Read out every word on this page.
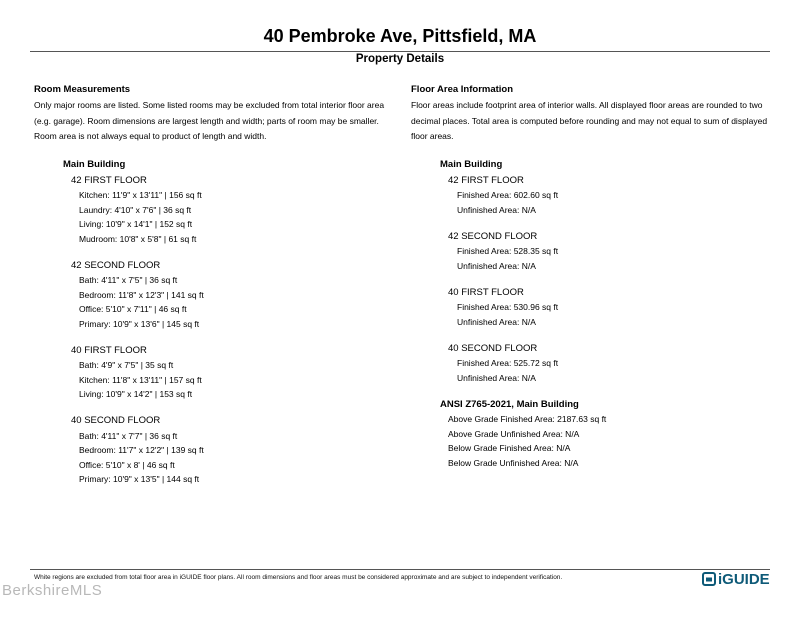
40 Pembroke Ave, Pittsfield, MA
Property Details
Room Measurements
Only major rooms are listed. Some listed rooms may be excluded from total interior floor area
(e.g. garage). Room dimensions are largest length and width; parts of room may be smaller.
Room area is not always equal to product of length and width.
Main Building
42 FIRST FLOOR
Kitchen: 11'9" x 13'11" | 156 sq ft
Laundry: 4'10" x 7'6" | 36 sq ft
Living: 10'9" x 14'1" | 152 sq ft
Mudroom: 10'8" x 5'8" | 61 sq ft
42 SECOND FLOOR
Bath: 4'11" x 7'5" | 36 sq ft
Bedroom: 11'8" x 12'3" | 141 sq ft
Office: 5'10" x 7'11" | 46 sq ft
Primary: 10'9" x 13'6" | 145 sq ft
40 FIRST FLOOR
Bath: 4'9" x 7'5" | 35 sq ft
Kitchen: 11'8" x 13'11" | 157 sq ft
Living: 10'9" x 14'2" | 153 sq ft
40 SECOND FLOOR
Bath: 4'11" x 7'7" | 36 sq ft
Bedroom: 11'7" x 12'2" | 139 sq ft
Office: 5'10" x 8' | 46 sq ft
Primary: 10'9" x 13'5" | 144 sq ft
Floor Area Information
Floor areas include footprint area of interior walls. All displayed floor areas are rounded to two
decimal places. Total area is computed before rounding and may not equal to sum of displayed
floor areas.
Main Building
42 FIRST FLOOR
Finished Area: 602.60 sq ft
Unfinished Area: N/A
42 SECOND FLOOR
Finished Area: 528.35 sq ft
Unfinished Area: N/A
40 FIRST FLOOR
Finished Area: 530.96 sq ft
Unfinished Area: N/A
40 SECOND FLOOR
Finished Area: 525.72 sq ft
Unfinished Area: N/A
ANSI Z765-2021, Main Building
Above Grade Finished Area: 2187.63 sq ft
Above Grade Unfinished Area: N/A
Below Grade Finished Area: N/A
Below Grade Unfinished Area: N/A
White regions are excluded from total floor area in iGUIDE floor plans. All room dimensions and floor areas must be considered approximate and are subject to independent verification.	iGUIDE
BerkshireMLS
